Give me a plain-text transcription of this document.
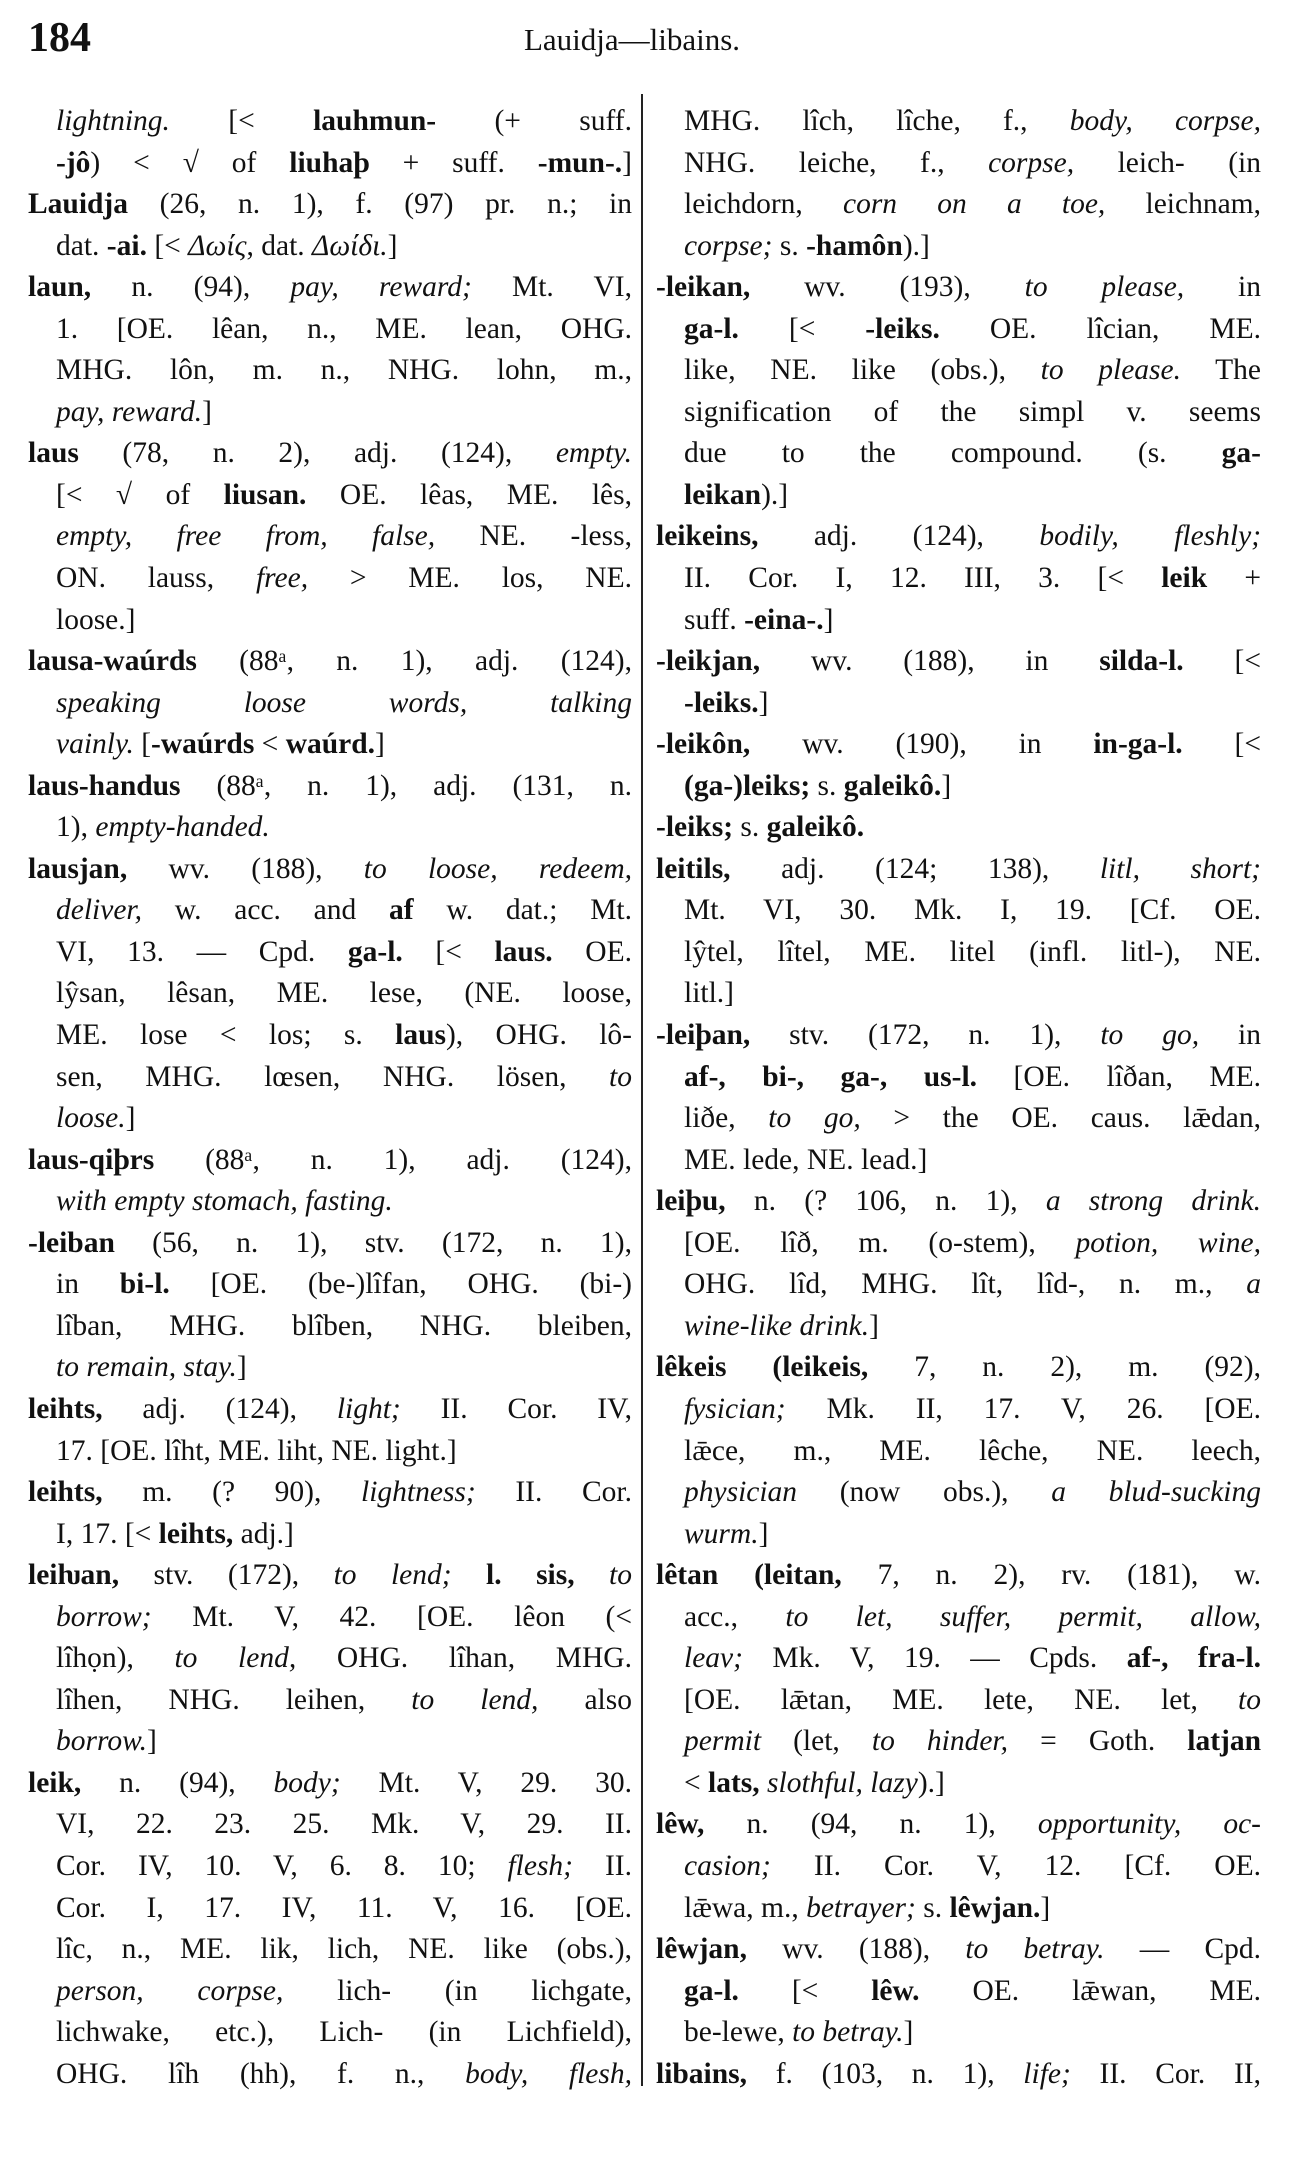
184	Lauidja—libains.
lightning. [< lauhmun- (+ suff.
-jô) < √ of liuhaþ + suff. -mun-.]
Lauidja (26, n. 1), f. (97) pr. n.; in
dat. -ai. [< Δωίς, dat. Δωίδι.]
laun, n. (94), pay, reward; Mt. VI,
1. [OE. lêan, n., ME. lean, OHG.
MHG. lôn, m. n., NHG. lohn, m.,
pay, reward.]
laus (78, n. 2), adj. (124), empty.
[< √ of liusan. OE. lêas, ME. lês,
empty, free from, false, NE. -less,
ON. lauss, free, > ME. los, NE.
loose.]
lausa-waúrds (88ᵃ, n. 1), adj. (124),
speaking loose words, talking
vainly. [-waúrds < waúrd.]
laus-handus (88ᵃ, n. 1), adj. (131, n.
1), empty-handed.
lausjan, wv. (188), to loose, redeem,
deliver, w. acc. and af w. dat.; Mt.
VI, 13. — Cpd. ga-l. [< laus. OE.
lŷsan, lêsan, ME. lese, (NE. loose,
ME. lose < los; s. laus), OHG. lô-
sen, MHG. lœsen, NHG. lösen, to
loose.]
laus-qiþrs (88ᵃ, n. 1), adj. (124),
with empty stomach, fasting.
-leiban (56, n. 1), stv. (172, n. 1),
in bi-l. [OE. (be-)lîfan, OHG. (bi-)
lîban, MHG. blîben, NHG. bleiben,
to remain, stay.]
leihts, adj. (124), light; II. Cor. IV,
17. [OE. lîht, ME. liht, NE. light.]
leihts, m. (? 90), lightness; II. Cor.
I, 17. [< leihts, adj.]
leiƕan, stv. (172), to lend; l. sis, to
borrow; Mt. V, 42. [OE. lêon (<
lîhọn), to lend, OHG. lîhan, MHG.
lîhen, NHG. leihen, to lend, also
borrow.]
leik, n. (94), body; Mt. V, 29. 30.
VI, 22. 23. 25. Mk. V, 29. II.
Cor. IV, 10. V, 6. 8. 10; flesh; II.
Cor. I, 17. IV, 11. V, 16. [OE.
lîc, n., ME. lik, lich, NE. like (obs.),
person, corpse, lich- (in lichgate,
lichwake, etc.), Lich- (in Lichfield),
OHG. lîh (hh), f. n., body, flesh,
MHG. lîch, lîche, f., body, corpse,
NHG. leiche, f., corpse, leich- (in
leichdorn, corn on a toe, leichnam,
corpse; s. -hamôn).]
-leikan, wv. (193), to please, in
ga-l. [< -leiks. OE. lîcian, ME.
like, NE. like (obs.), to please. The
signification of the simpl v. seems
due to the compound. (s. ga-
leikan).]
leikeins, adj. (124), bodily, fleshly;
II. Cor. I, 12. III, 3. [< leik +
suff. -eina-.]
-leikjan, wv. (188), in silda-l. [<
-leiks.]
-leikôn, wv. (190), in in-ga-l. [<
(ga-)leiks; s. galeikô.]
-leiks; s. galeikô.
leitils, adj. (124; 138), litl, short;
Mt. VI, 30. Mk. I, 19. [Cf. OE.
lŷtel, lîtel, ME. litel (infl. litl-), NE.
litl.]
-leiþan, stv. (172, n. 1), to go, in
af-, bi-, ga-, us-l. [OE. lîðan, ME.
liðe, to go, > the OE. caus. lǣdan,
ME. lede, NE. lead.]
leiþu, n. (? 106, n. 1), a strong drink.
[OE. lîð, m. (o-stem), potion, wine,
OHG. lîd, MHG. lît, lîd-, n. m., a
wine-like drink.]
lêkeis (leikeis, 7, n. 2), m. (92),
fysician; Mk. II, 17. V, 26. [OE.
lǣce, m., ME. lêche, NE. leech,
physician (now obs.), a blud-sucking
wurm.]
lêtan (leitan, 7, n. 2), rv. (181), w.
acc., to let, suffer, permit, allow,
leav; Mk. V, 19. — Cpds. af-, fra-l.
[OE. lǣtan, ME. lete, NE. let, to
permit (let, to hinder, = Goth. latjan
< lats, slothful, lazy).]
lêw, n. (94, n. 1), opportunity, oc-
casion; II. Cor. V, 12. [Cf. OE.
lǣwa, m., betrayer; s. lêwjan.]
lêwjan, wv. (188), to betray. — Cpd.
ga-l. [< lêw. OE. lǣwan, ME.
be-lewe, to betray.]
libains, f. (103, n. 1), life; II. Cor. II,
